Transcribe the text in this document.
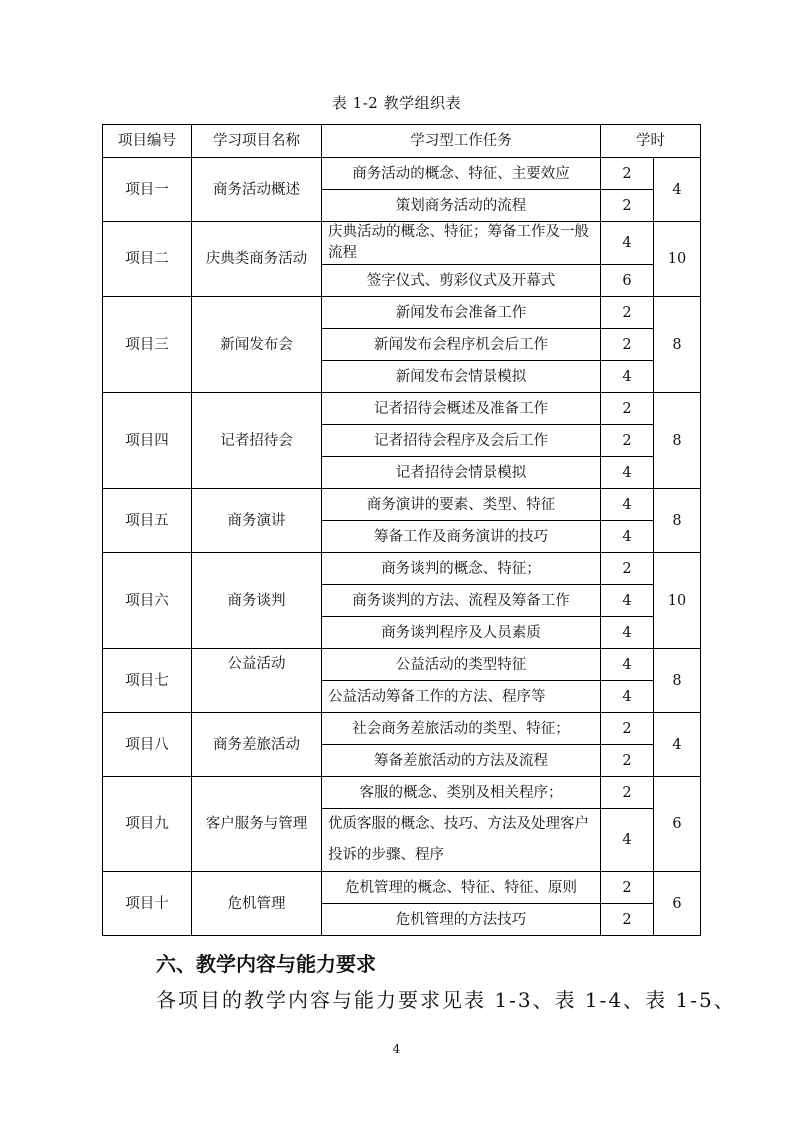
表 1-2 教学组织表
项目编号	学习项目名称	学习型工作任务	学时	
项目一	商务活动概述	商务活动的概念、特征、主要效应	2	4
		策划商务活动的流程	2	
项目二	庆典类商务活动	庆典活动的概念、特征；筹备工作及一般流程	4	10
		签字仪式、剪彩仪式及开幕式	6	
项目三	新闻发布会	新闻发布会准备工作	2	8
		新闻发布会程序机会后工作	2	
		新闻发布会情景模拟	4	
项目四	记者招待会	记者招待会概述及准备工作	2	8
		记者招待会程序及会后工作	2	
		记者招待会情景模拟	4	
项目五	商务演讲	商务演讲的要素、类型、特征	4	8
		筹备工作及商务演讲的技巧	4	
项目六	商务谈判	商务谈判的概念、特征；	2	10
		商务谈判的方法、流程及筹备工作	4	
		商务谈判程序及人员素质	4	
项目七	公益活动	公益活动的类型特征	4	8
		公益活动筹备工作的方法、程序等	4	
项目八	商务差旅活动	社会商务差旅活动的类型、特征；	2	4
		筹备差旅活动的方法及流程	2	
项目九	客户服务与管理	客服的概念、类别及相关程序；	2	6
		优质客服的概念、技巧、方法及处理客户投诉的步骤、程序	4	
项目十	危机管理	危机管理的概念、特征、特征、原则	2	6
		危机管理的方法技巧	2	
六、教学内容与能力要求
各项目的教学内容与能力要求见表 1-3、表 1-4、表 1-5、
4
